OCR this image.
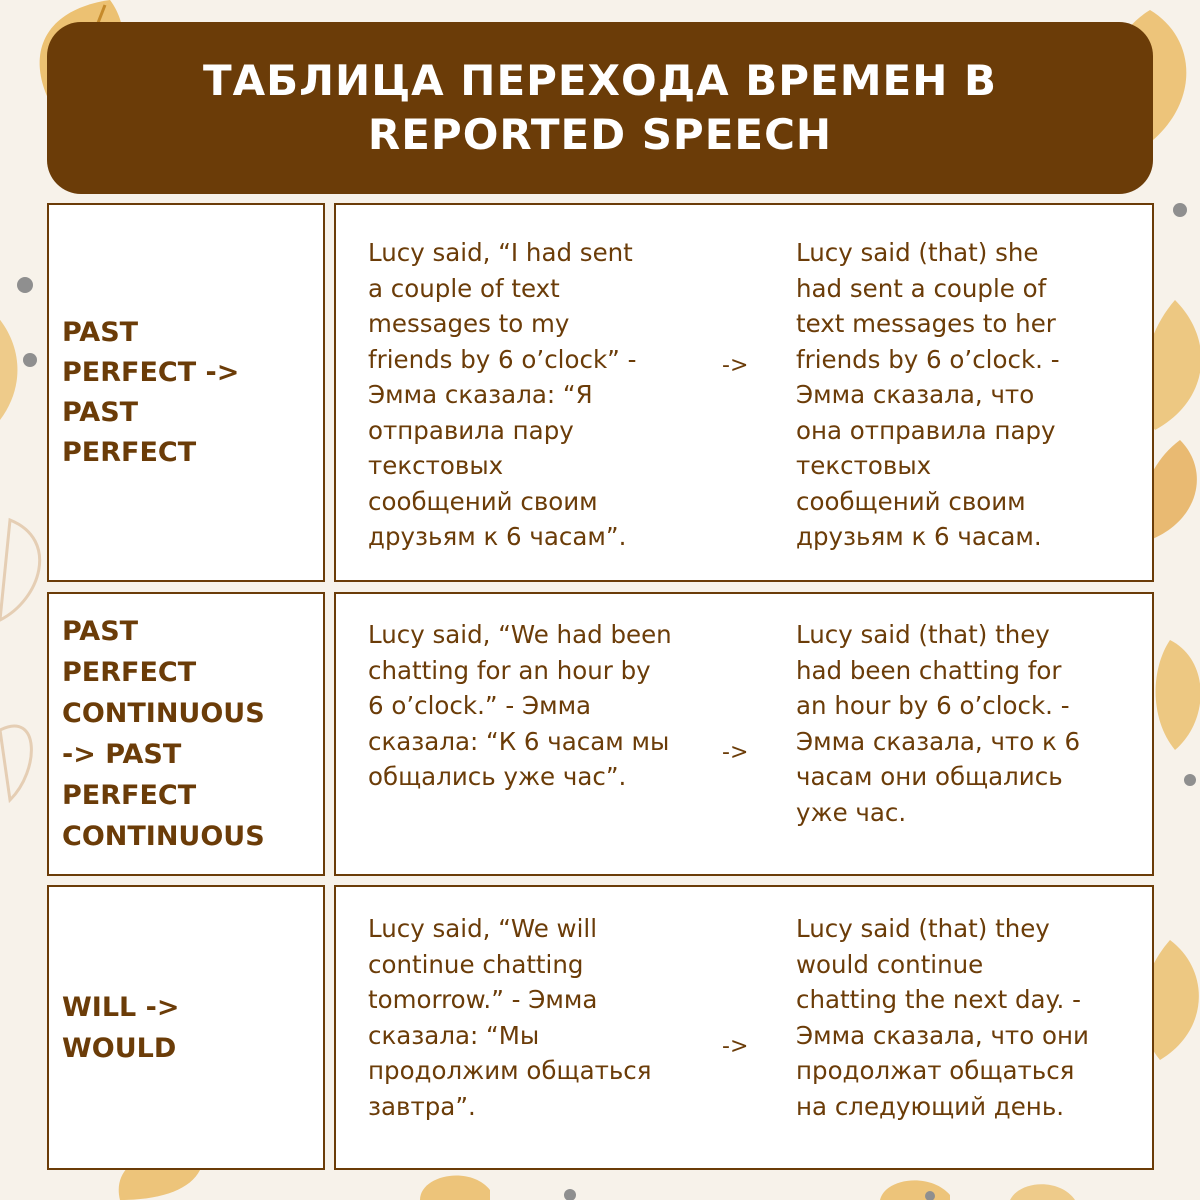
ТАБЛИЦА ПЕРЕХОДА ВРЕМЕН В
REPORTED SPEECH

PAST
PERFECT ->
PAST
PERFECT

Lucy said, “I had sent
a couple of text
messages to my
friends by 6 o’clock” -
Эмма сказала: “Я
отправила пару
текстовых
сообщений своим
друзьям к 6 часам”.

->

Lucy said (that) she
had sent a couple of
text messages to her
friends by 6 o’clock. -
Эмма сказала, что
она отправила пару
текстовых
сообщений своим
друзьям к 6 часам.

PAST
PERFECT
CONTINUOUS
-> PAST
PERFECT
CONTINUOUS

Lucy said, “We had been
chatting for an hour by
6 o’clock.” - Эмма
сказала: “К 6 часам мы
общались уже час”.

->

Lucy said (that) they
had been chatting for
an hour by 6 o’clock. -
Эмма сказала, что к 6
часам они общались
уже час.

WILL ->
WOULD

Lucy said, “We will
continue chatting
tomorrow.” - Эмма
сказала: “Мы
продолжим общаться
завтра”.

->

Lucy said (that) they
would continue
chatting the next day. -
Эмма сказала, что они
продолжат общаться
на следующий день.
